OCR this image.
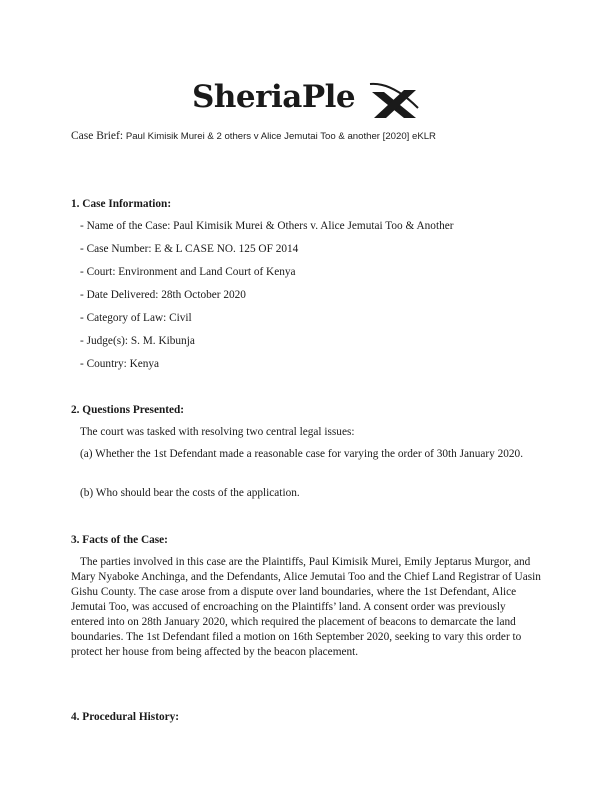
SheriaPle
Case Brief: Paul Kimisik Murei & 2 others v Alice Jemutai Too & another [2020] eKLR
1. Case Information:
- Name of the Case: Paul Kimisik Murei & Others v. Alice Jemutai Too & Another
- Case Number: E & L CASE NO. 125 OF 2014
- Court: Environment and Land Court of Kenya
- Date Delivered: 28th October 2020
- Category of Law: Civil
- Judge(s): S. M. Kibunja
- Country: Kenya
2. Questions Presented:
The court was tasked with resolving two central legal issues:
(a) Whether the 1st Defendant made a reasonable case for varying the order of 30th January 2020.
(b) Who should bear the costs of the application.
3. Facts of the Case:
The parties involved in this case are the Plaintiffs, Paul Kimisik Murei, Emily Jeptarus Murgor, and Mary Nyaboke Anchinga, and the Defendants, Alice Jemutai Too and the Chief Land Registrar of Uasin Gishu County. The case arose from a dispute over land boundaries, where the 1st Defendant, Alice Jemutai Too, was accused of encroaching on the Plaintiffs’ land. A consent order was previously entered into on 28th January 2020, which required the placement of beacons to demarcate the land boundaries. The 1st Defendant filed a motion on 16th September 2020, seeking to vary this order to protect her house from being affected by the beacon placement.
4. Procedural History:
